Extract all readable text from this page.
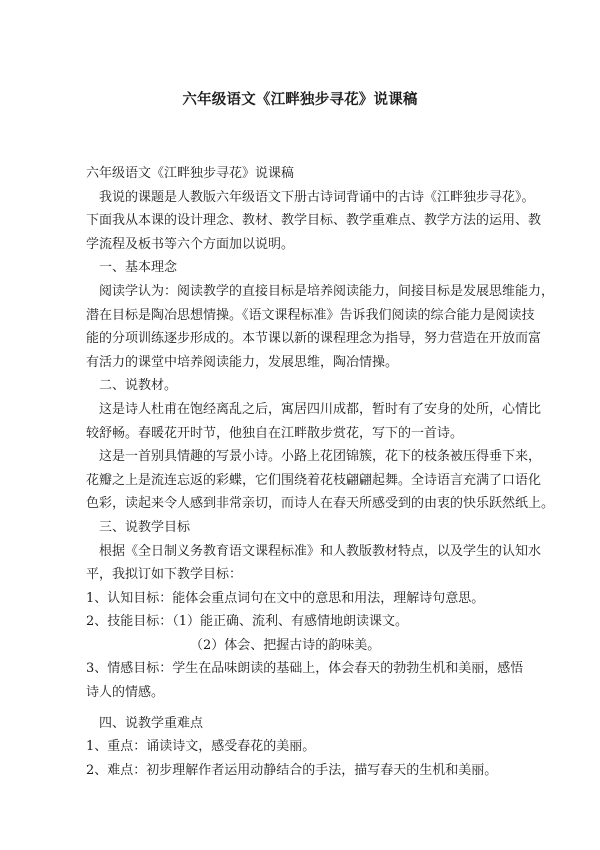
六年级语文《江畔独步寻花》说课稿
六年级语文《江畔独步寻花》说课稿
我说的课题是人教版六年级语文下册古诗词背诵中的古诗《江畔独步寻花》。
下面我从本课的设计理念、教材、教学目标、教学重难点、教学方法的运用、教
学流程及板书等六个方面加以说明。
一、基本理念
阅读学认为：阅读教学的直接目标是培养阅读能力，间接目标是发展思维能力，
潜在目标是陶冶思想情操。《语文课程标准》告诉我们阅读的综合能力是阅读技
能的分项训练逐步形成的。本节课以新的课程理念为指导，努力营造在开放而富
有活力的课堂中培养阅读能力，发展思维，陶冶情操。
二、说教材。
这是诗人杜甫在饱经离乱之后，寓居四川成都，暂时有了安身的处所，心情比
较舒畅。春暖花开时节，他独自在江畔散步赏花，写下的一首诗。
这是一首别具情趣的写景小诗。小路上花团锦簇，花下的枝条被压得垂下来，
花瓣之上是流连忘返的彩蝶，它们围绕着花枝翩翩起舞。全诗语言充满了口语化
色彩，读起来令人感到非常亲切，而诗人在春天所感受到的由衷的快乐跃然纸上。
三、说教学目标
根据《全日制义务教育语文课程标准》和人教版教材特点，以及学生的认知水
平，我拟订如下教学目标：
1、认知目标：能体会重点词句在文中的意思和用法，理解诗句意思。
2、技能目标：（1）能正确、流利、有感情地朗读课文。
（2）体会、把握古诗的韵味美。
3、情感目标：学生在品味朗读的基础上，体会春天的勃勃生机和美丽，感悟
诗人的情感。
四、说教学重难点
1、重点：诵读诗文，感受春花的美丽。
2、难点：初步理解作者运用动静结合的手法，描写春天的生机和美丽。
